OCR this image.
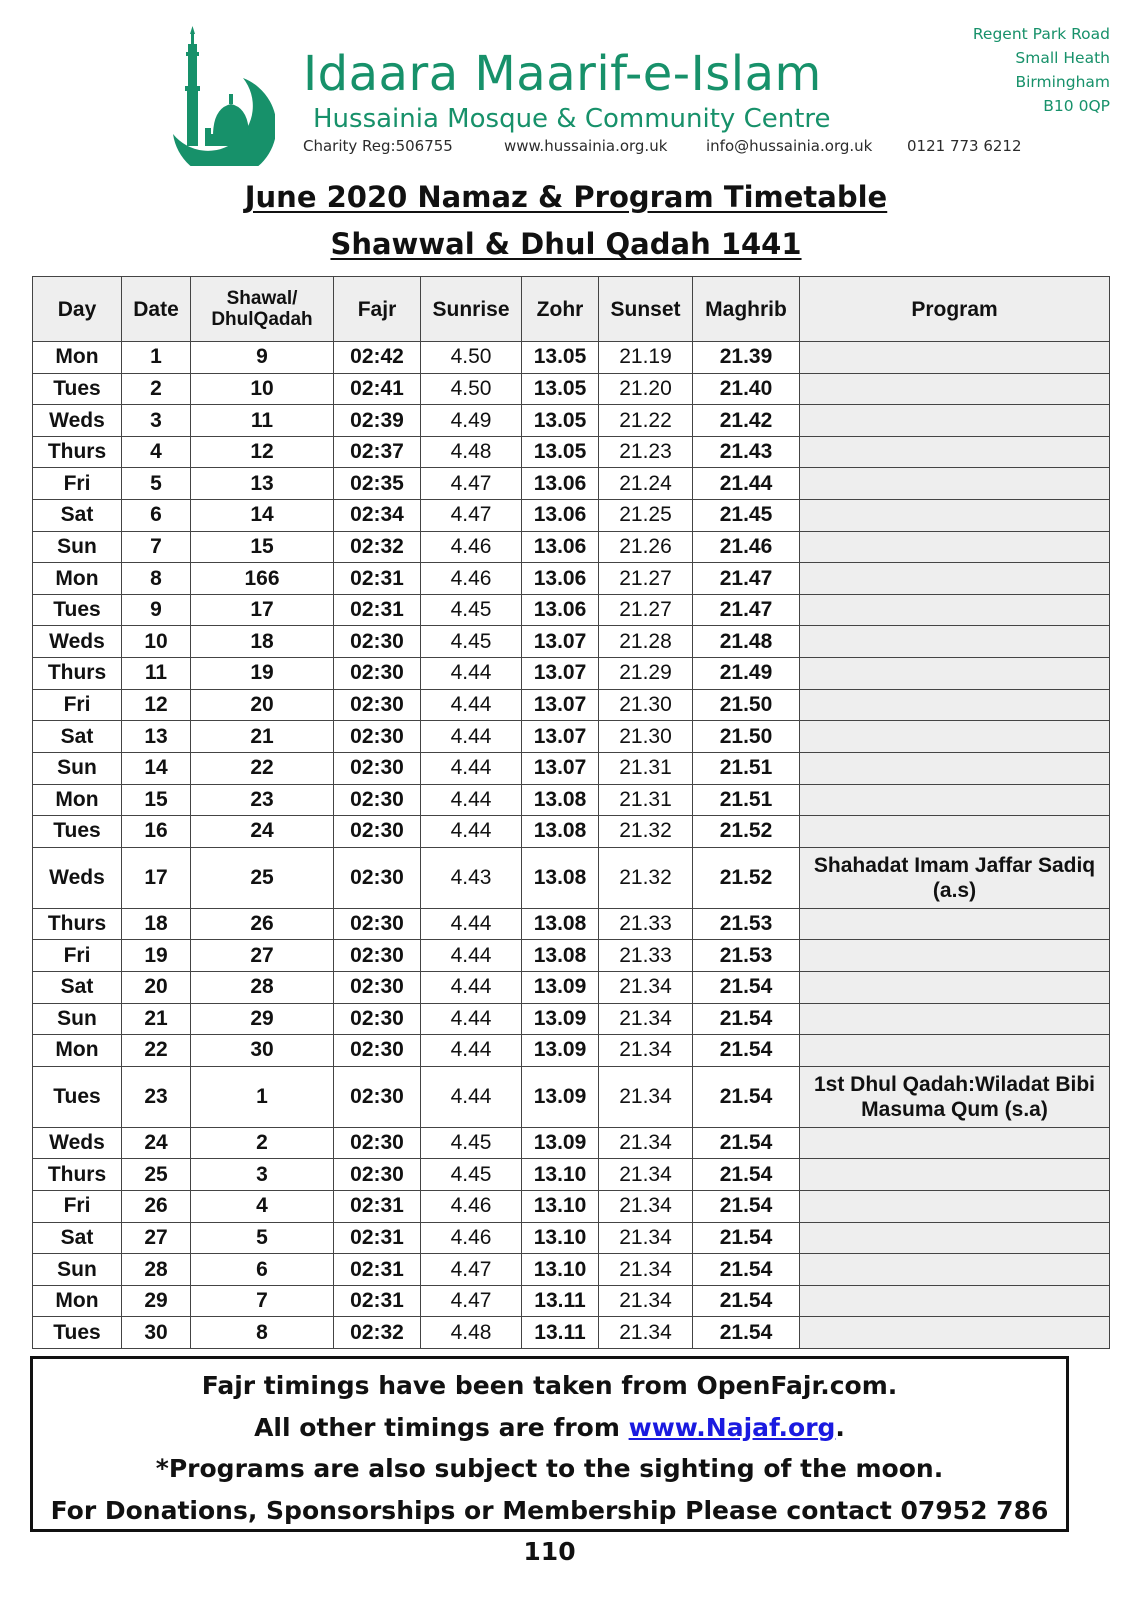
Idaara Maarif-e-Islam
Hussainia Mosque & Community Centre
Charity Reg:506755	www.hussainia.org.uk	info@hussainia.org.uk 0121 773 6212
Regent Park Road
Small Heath
Birmingham
B10 0QP
June 2020 Namaz & Program Timetable
Shawwal & Dhul Qadah 1441
Day	Date	Shawal/ DhulQadah	Fajr	Sunrise	Zohr	Sunset	Maghrib	Program
Mon	1	9	02:42	4.50	13.05	21.19	21.39	
Tues	2	10	02:41	4.50	13.05	21.20	21.40	
Weds	3	11	02:39	4.49	13.05	21.22	21.42	
Thurs	4	12	02:37	4.48	13.05	21.23	21.43	
Fri	5	13	02:35	4.47	13.06	21.24	21.44	
Sat	6	14	02:34	4.47	13.06	21.25	21.45	
Sun	7	15	02:32	4.46	13.06	21.26	21.46	
Mon	8	166	02:31	4.46	13.06	21.27	21.47	
Tues	9	17	02:31	4.45	13.06	21.27	21.47	
Weds	10	18	02:30	4.45	13.07	21.28	21.48	
Thurs	11	19	02:30	4.44	13.07	21.29	21.49	
Fri	12	20	02:30	4.44	13.07	21.30	21.50	
Sat	13	21	02:30	4.44	13.07	21.30	21.50	
Sun	14	22	02:30	4.44	13.07	21.31	21.51	
Mon	15	23	02:30	4.44	13.08	21.31	21.51	
Tues	16	24	02:30	4.44	13.08	21.32	21.52	
Weds	17	25	02:30	4.43	13.08	21.32	21.52	Shahadat Imam Jaffar Sadiq (a.s)
Thurs	18	26	02:30	4.44	13.08	21.33	21.53	
Fri	19	27	02:30	4.44	13.08	21.33	21.53	
Sat	20	28	02:30	4.44	13.09	21.34	21.54	
Sun	21	29	02:30	4.44	13.09	21.34	21.54	
Mon	22	30	02:30	4.44	13.09	21.34	21.54	
Tues	23	1	02:30	4.44	13.09	21.34	21.54	1st Dhul Qadah:Wiladat Bibi Masuma Qum (s.a)
Weds	24	2	02:30	4.45	13.09	21.34	21.54	
Thurs	25	3	02:30	4.45	13.10	21.34	21.54	
Fri	26	4	02:31	4.46	13.10	21.34	21.54	
Sat	27	5	02:31	4.46	13.10	21.34	21.54	
Sun	28	6	02:31	4.47	13.10	21.34	21.54	
Mon	29	7	02:31	4.47	13.11	21.34	21.54	
Tues	30	8	02:32	4.48	13.11	21.34	21.54	
Fajr timings have been taken from OpenFajr.com.
All other timings are from www.Najaf.org.
*Programs are also subject to the sighting of the moon.
For Donations, Sponsorships or Membership Please contact 07952 786 110
